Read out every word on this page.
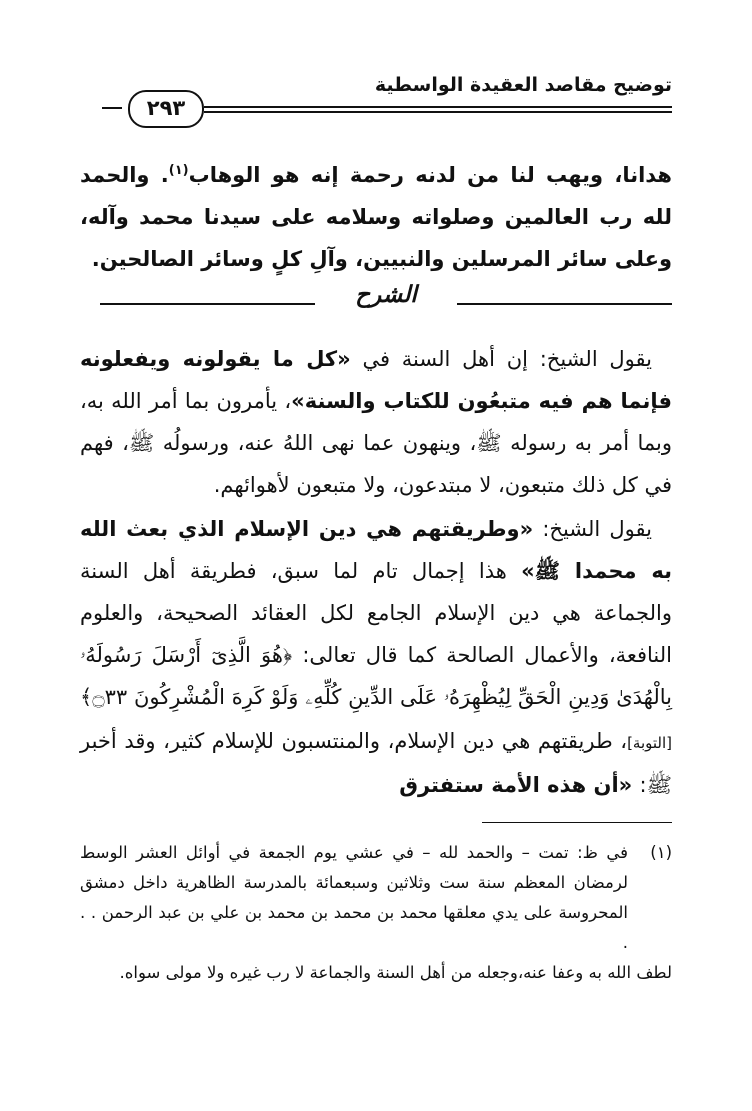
توضيح مقاصد العقيدة الواسطية
٢٩٣
هدانا، ويهب لنا من لدنه رحمة إنه هو الوهاب$^{(١)}$. والحمد لله رب العالمين وصلواته وسلامه على سيدنا محمد وآله، وعلى سائر المرسلين والنبيين، وآلِ كلٍ وسائر الصالحين.
الشرح
يقول الشيخ: إن أهل السنة في «كل ما يقولونه ويفعلونه فإنما هم فيه متبعُون للكتاب والسنة»، يأمرون بما أمر الله به، وبما أمر به رسوله ﷺ، وينهون عما نهى اللهُ عنه، ورسولُه ﷺ، فهم في كل ذلك متبعون، لا مبتدعون، ولا متبعون لأهوائهم.
يقول الشيخ: «وطريقتهم هي دين الإسلام الذي بعث الله به محمدا ﷺ» هذا إجمال تام لما سبق، فطريقة أهل السنة والجماعة هي دين الإسلام الجامع لكل العقائد الصحيحة، والعلوم النافعة، والأعمال الصالحة كما قال تعالى: ﴿هُوَ الَّذِىٓ أَرْسَلَ رَسُولَهُۥ بِالْهُدَىٰ وَدِينِ الْحَقِّ لِيُظْهِرَهُۥ عَلَى الدِّينِ كُلِّهِۦ وَلَوْ كَرِهَ الْمُشْرِكُونَ ۝٣٣﴾ [التوبة]، طريقتهم هي دين الإسلام، والمنتسبون للإسلام كثير، وقد أخبر ﷺ: «أن هذه الأمة ستفترق
(١)
في ظ: تمت – والحمد لله – في عشي يوم الجمعة في أوائل العشر الوسط لرمضان المعظم سنة ست وثلاثين وسبعمائة بالمدرسة الظاهرية داخل دمشق المحروسة على يدي معلقها محمد بن محمد بن محمد بن علي بن عبد الرحمن . . .
لطف الله به وعفا عنه،وجعله من أهل السنة والجماعة لا رب غيره ولا مولى سواه.
